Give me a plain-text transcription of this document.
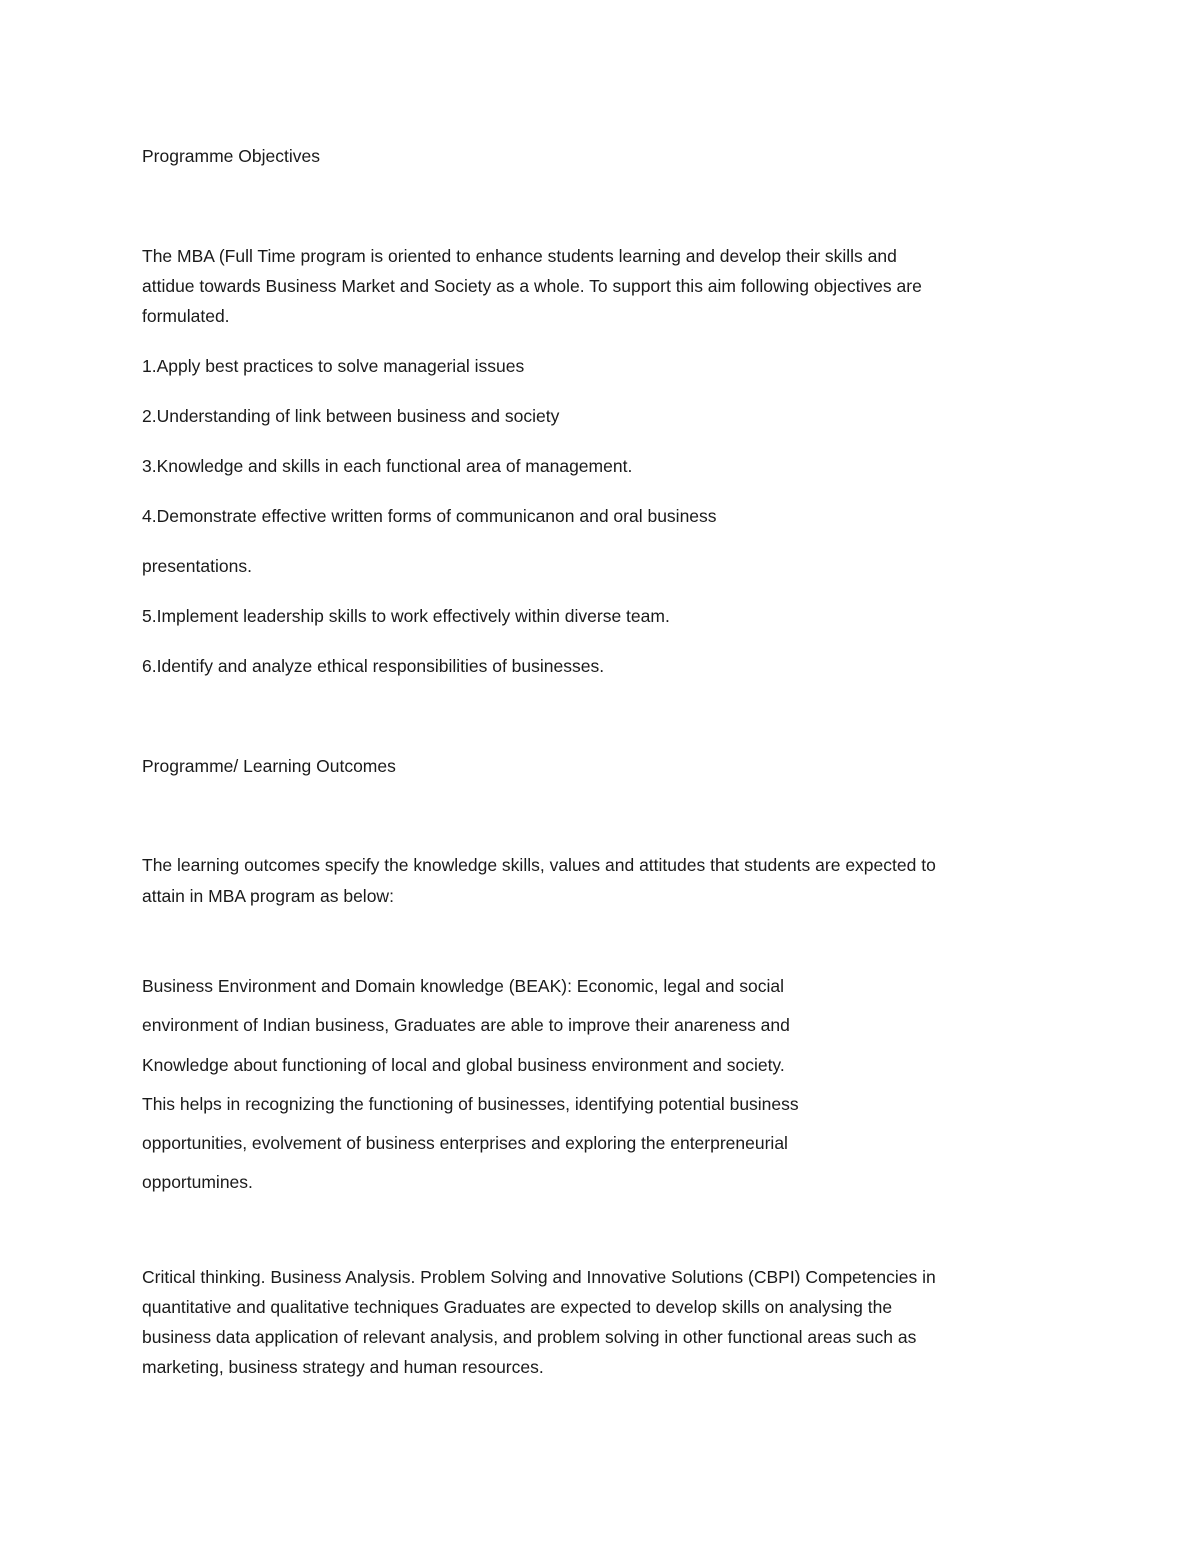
Programme Objectives
The MBA (Full Time program is oriented to enhance students learning and develop their skills and
attidue towards Business Market and Society as a whole. To support this aim following objectives are
formulated.
1.Apply best practices to solve managerial issues
2.Understanding of link between business and society
3.Knowledge and skills in each functional area of management.
4.Demonstrate effective written forms of communicanon and oral business
presentations.
5.Implement leadership skills to work effectively within diverse team.
6.Identify and analyze ethical responsibilities of businesses.
Programme/ Learning Outcomes
The learning outcomes specify the knowledge skills, values and attitudes that students are expected to
attain in MBA program as below:
Business Environment and Domain knowledge (BEAK): Economic, legal and social
environment of Indian business, Graduates are able to improve their anareness and
Knowledge about functioning of local and global business environment and society.
This helps in recognizing the functioning of businesses, identifying potential business
opportunities, evolvement of business enterprises and exploring the enterpreneurial
opportumines.
Critical thinking. Business Analysis. Problem Solving and Innovative Solutions (CBPI) Competencies in
quantitative and qualitative techniques Graduates are expected to develop skills on analysing the
business data application of relevant analysis, and problem solving in other functional areas such as
marketing, business strategy and human resources.
